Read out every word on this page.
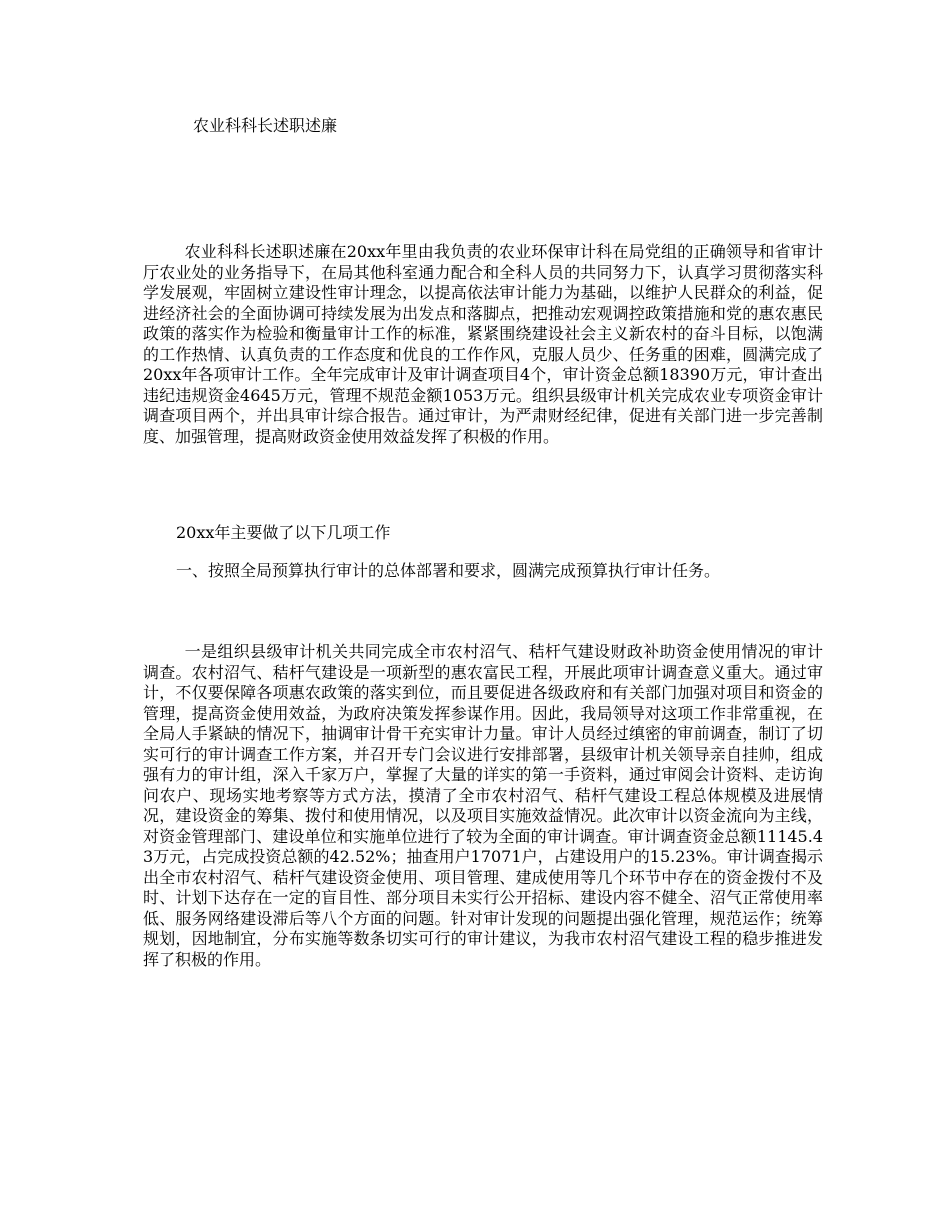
农业科科长述职述廉

农业科科长述职述廉在20xx年里由我负责的农业环保审计科在局党组的正确领导和省审计厅农业处的业务指导下，在局其他科室通力配合和全科人员的共同努力下，认真学习贯彻落实科学发展观，牢固树立建设性审计理念，以提高依法审计能力为基础，以维护人民群众的利益，促进经济社会的全面协调可持续发展为出发点和落脚点，把推动宏观调控政策措施和党的惠农惠民政策的落实作为检验和衡量审计工作的标准，紧紧围绕建设社会主义新农村的奋斗目标，以饱满的工作热情、认真负责的工作态度和优良的工作作风，克服人员少、任务重的困难，圆满完成了20xx年各项审计工作。全年完成审计及审计调查项目4个，审计资金总额18390万元，审计查出违纪违规资金4645万元，管理不规范金额1053万元。组织县级审计机关完成农业专项资金审计调查项目两个，并出具审计综合报告。通过审计，为严肃财经纪律，促进有关部门进一步完善制度、加强管理，提高财政资金使用效益发挥了积极的作用。

20xx年主要做了以下几项工作

一、按照全局预算执行审计的总体部署和要求，圆满完成预算执行审计任务。

一是组织县级审计机关共同完成全市农村沼气、秸杆气建设财政补助资金使用情况的审计调查。农村沼气、秸杆气建设是一项新型的惠农富民工程，开展此项审计调查意义重大。通过审计，不仅要保障各项惠农政策的落实到位，而且要促进各级政府和有关部门加强对项目和资金的管理，提高资金使用效益，为政府决策发挥参谋作用。因此，我局领导对这项工作非常重视，在全局人手紧缺的情况下，抽调审计骨干充实审计力量。审计人员经过缜密的审前调查，制订了切实可行的审计调查工作方案，并召开专门会议进行安排部署，县级审计机关领导亲自挂帅，组成强有力的审计组，深入千家万户，掌握了大量的详实的第一手资料，通过审阅会计资料、走访询问农户、现场实地考察等方式方法，摸清了全市农村沼气、秸杆气建设工程总体规模及进展情况，建设资金的筹集、拨付和使用情况，以及项目实施效益情况。此次审计以资金流向为主线，对资金管理部门、建设单位和实施单位进行了较为全面的审计调查。审计调查资金总额11145.43万元，占完成投资总额的42.52%；抽查用户17071户，占建设用户的15.23%。审计调查揭示出全市农村沼气、秸杆气建设资金使用、项目管理、建成使用等几个环节中存在的资金拨付不及时、计划下达存在一定的盲目性、部分项目未实行公开招标、建设内容不健全、沼气正常使用率低、服务网络建设滞后等八个方面的问题。针对审计发现的问题提出强化管理，规范运作；统筹规划，因地制宜，分布实施等数条切实可行的审计建议，为我市农村沼气建设工程的稳步推进发挥了积极的作用。
